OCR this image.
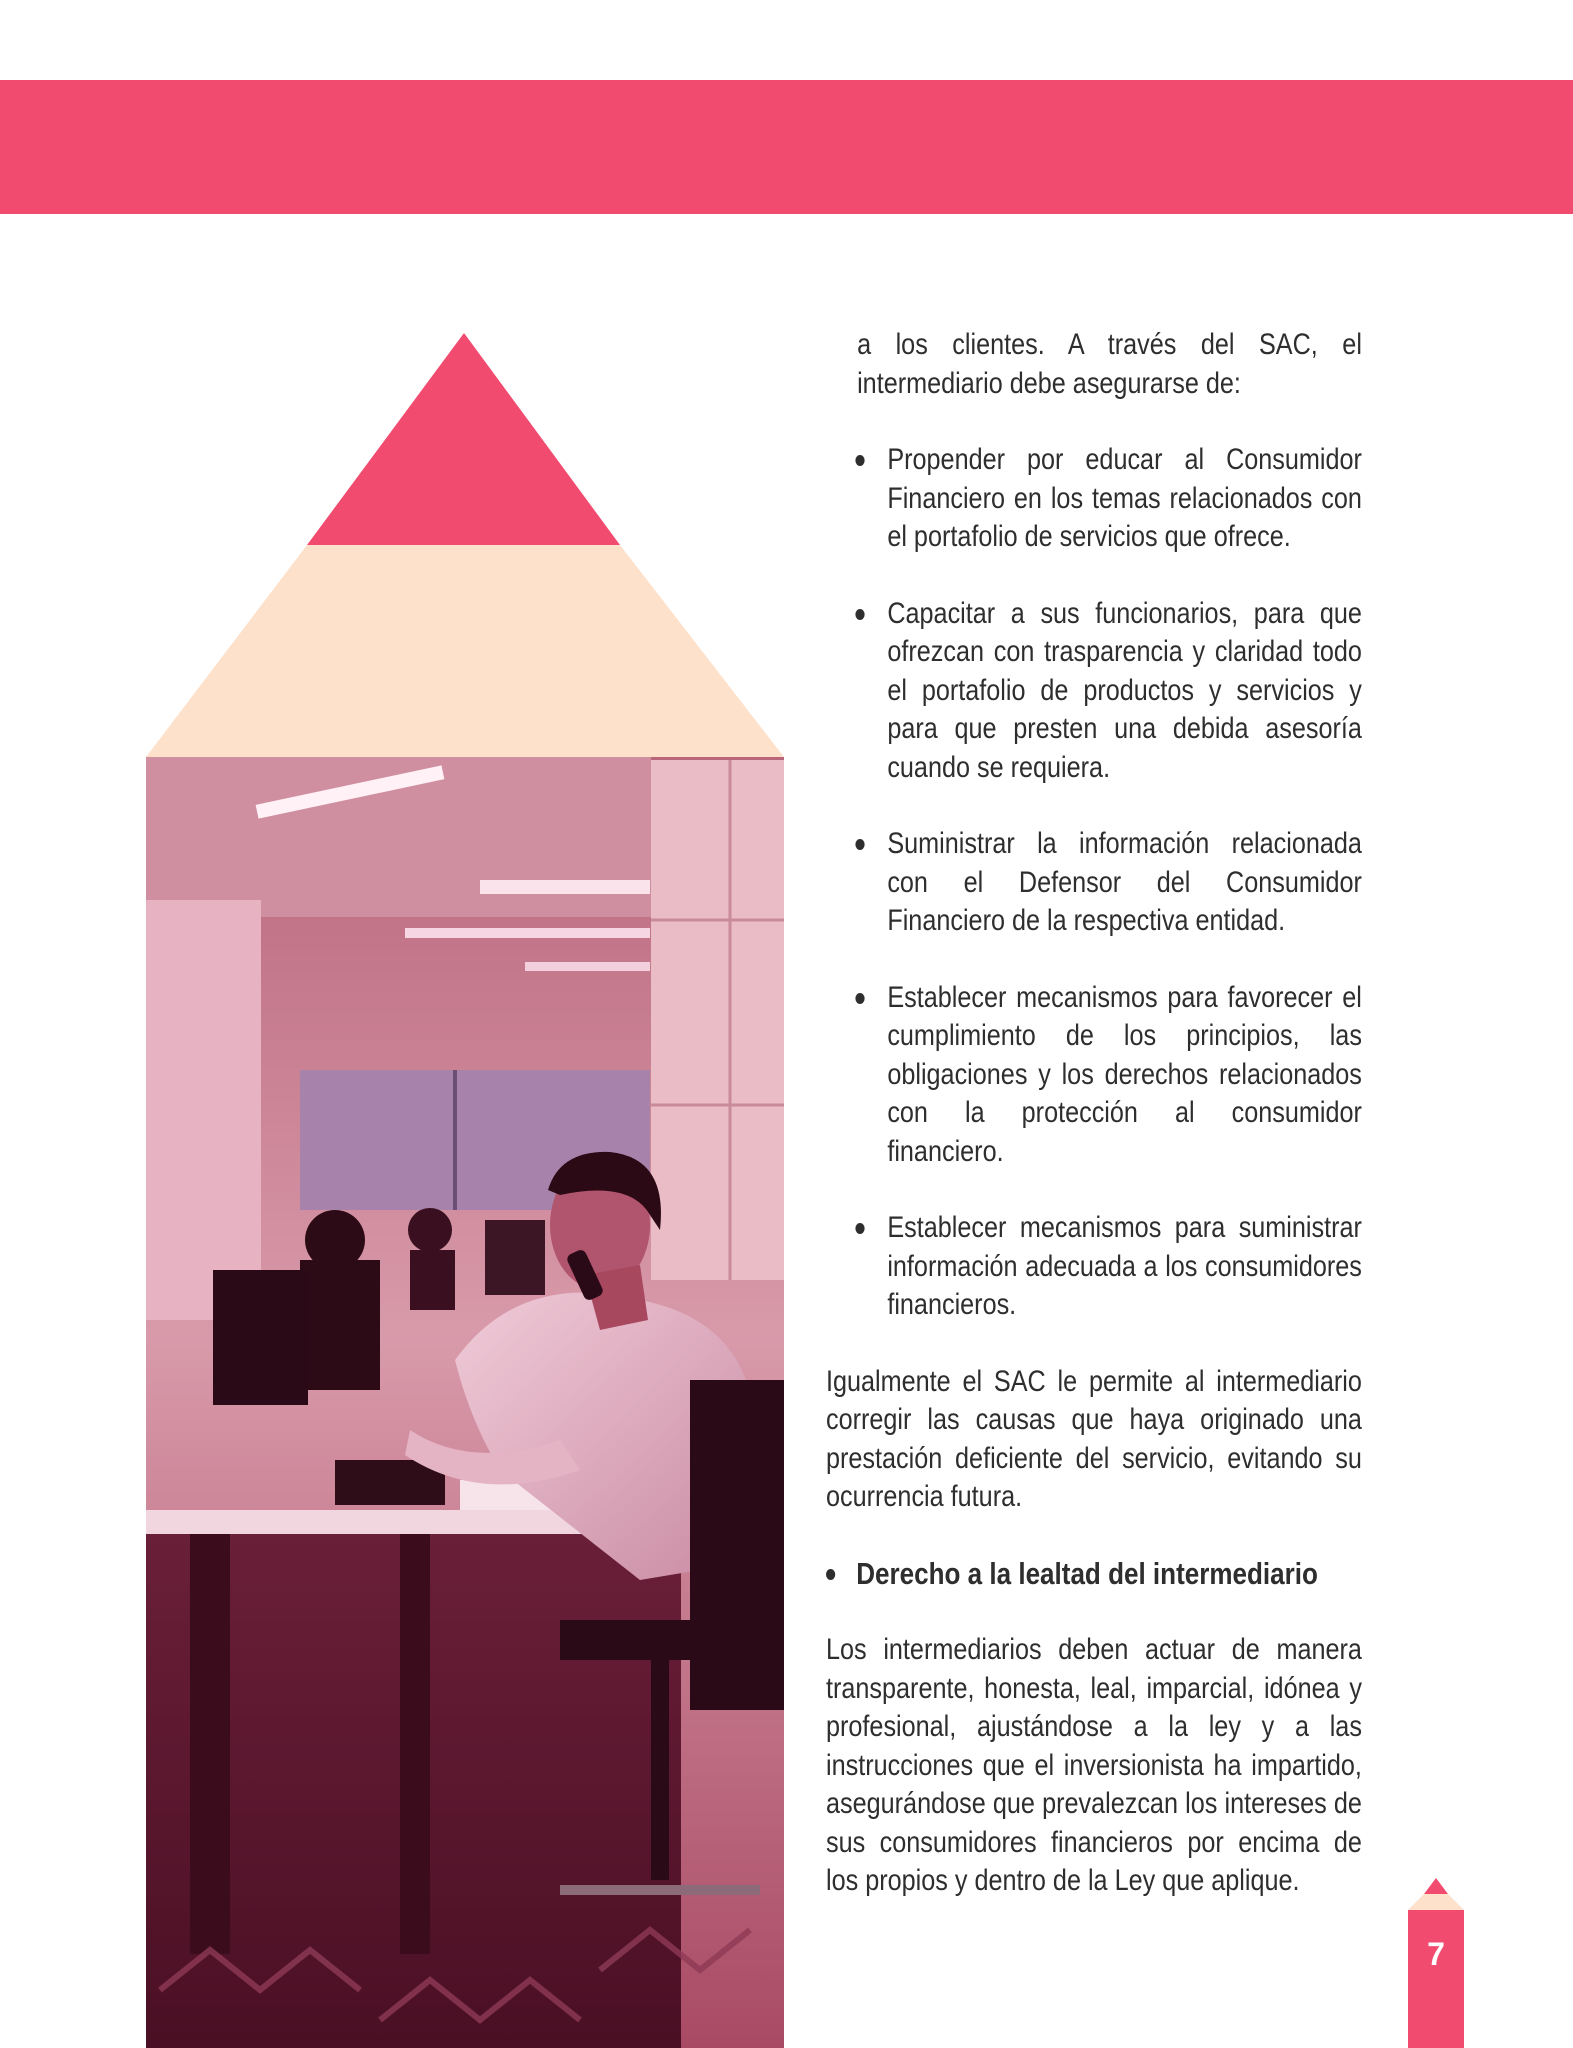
a los clientes. A través del SAC, el intermediario debe asegurarse de:

Propender por educar al Consumidor Financiero en los temas relacionados con el portafolio de servicios que ofrece.
Capacitar a sus funcionarios, para que ofrezcan con trasparencia y claridad todo el portafolio de productos y servicios y para que presten una debida asesoría cuando se requiera.
Suministrar la información relacionada con el Defensor del Consumidor Financiero de la respectiva entidad.
Establecer mecanismos para favorecer el cumplimiento de los principios, las obligaciones y los derechos relacionados con la protección al consumidor financiero.
Establecer mecanismos para suministrar información adecuada a los consumidores financieros.

Igualmente el SAC le permite al intermediario corregir las causas que haya originado una prestación deficiente del servicio, evitando su ocurrencia futura.

Derecho a la lealtad del intermediario

Los intermediarios deben actuar de manera transparente, honesta, leal, imparcial, idónea y profesional, ajustándose a la ley y a las instrucciones que el inversionista ha impartido, asegurándose que prevalezcan los intereses de sus consumidores financieros por encima de los propios y dentro de la Ley que aplique.

7
